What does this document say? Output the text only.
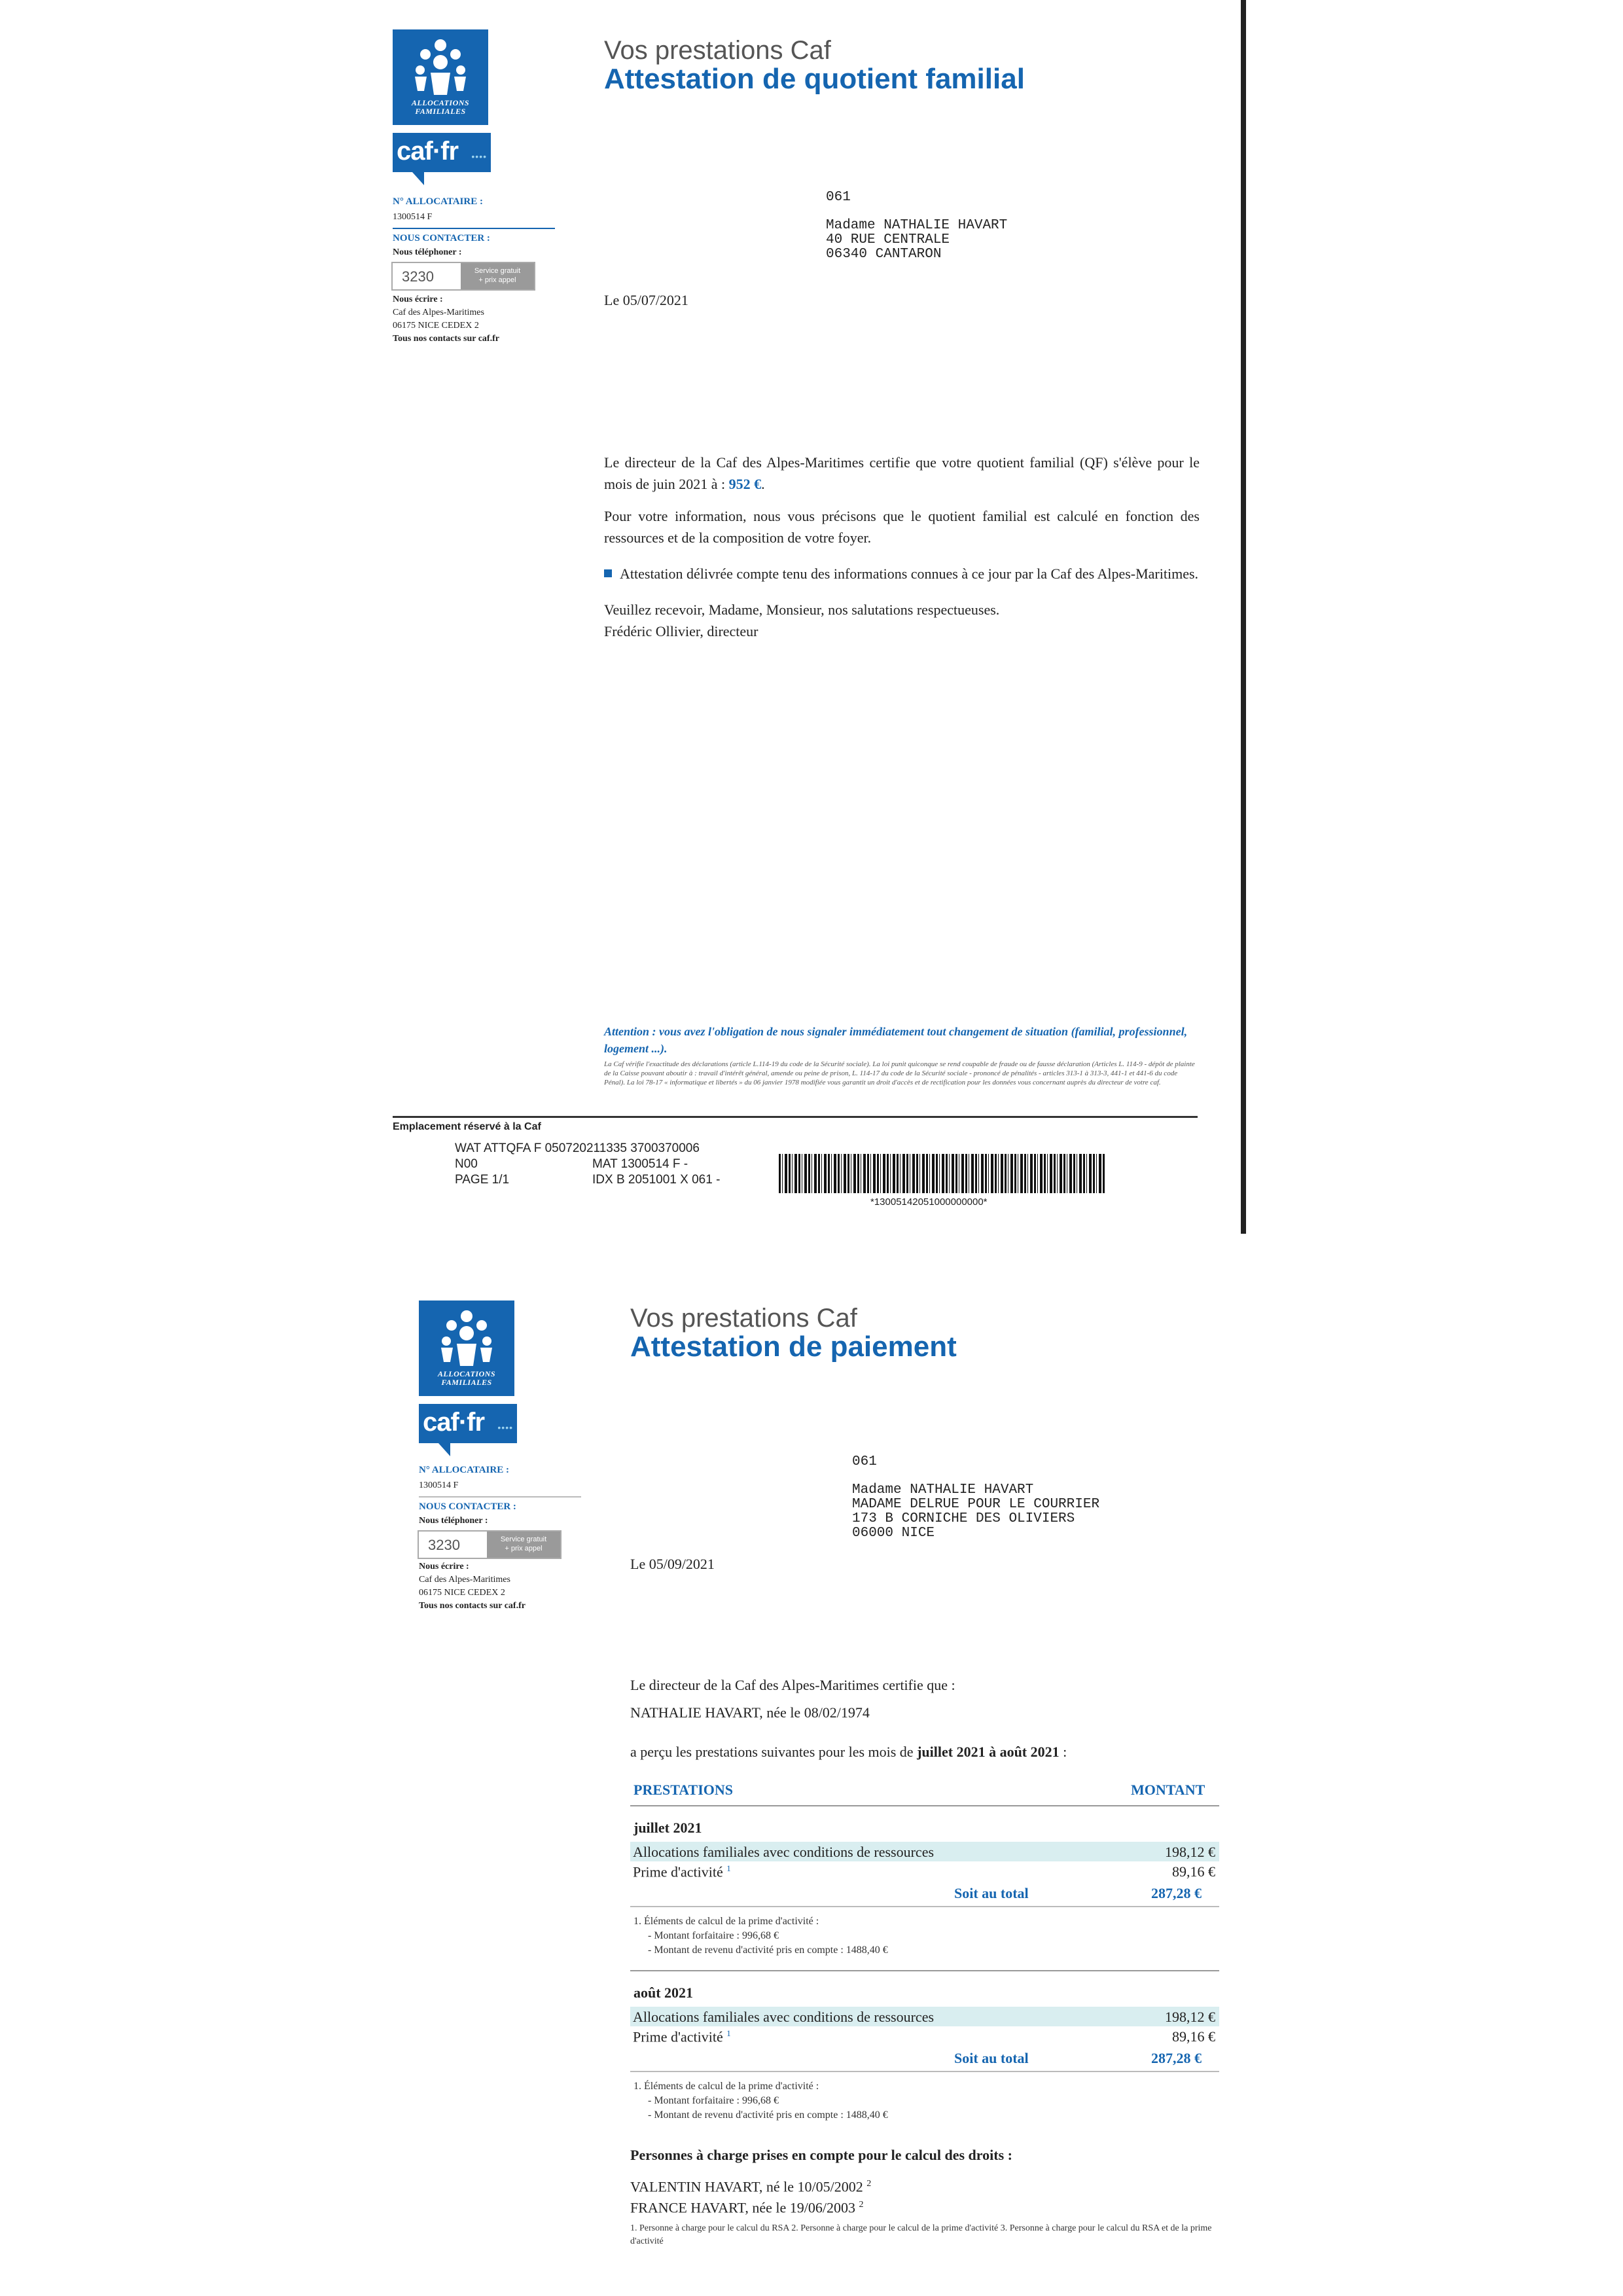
ALLOCATIONS
FAMILIALES
caf·fr ••••
Vos prestations Caf
Attestation de quotient familial
N° ALLOCATAIRE :
1300514 F
NOUS CONTACTER :
Nous téléphoner :
3230	Service gratuit
+ prix appel
Nous écrire :
Caf des Alpes-Maritimes
06175 NICE CEDEX 2
Tous nos contacts sur caf.fr
061
Madame NATHALIE HAVART
40 RUE CENTRALE
06340 CANTARON
Le 05/07/2021

Le directeur de la Caf des Alpes-Maritimes certifie que votre quotient familial (QF) s'élève pour le mois de juin 2021 à : 952 €.

Pour votre information, nous vous précisons que le quotient familial est calculé en fonction des ressources et de la composition de votre foyer.

Attestation délivrée compte tenu des informations connues à ce jour par la Caf des Alpes-Maritimes.

Veuillez recevoir, Madame, Monsieur, nos salutations respectueuses.

Frédéric Ollivier, directeur

Attention : vous avez l'obligation de nous signaler immédiatement tout changement de situation (familial, professionnel, logement ...).
La Caf vérifie l'exactitude des déclarations (article L.114-19 du code de la Sécurité sociale). La loi punit quiconque se rend coupable de fraude ou de fausse déclaration (Articles L. 114-9 - dépôt de plainte de la Caisse pouvant aboutir à : travail d'intérêt général, amende ou peine de prison, L. 114-17 du code de la Sécurité sociale - prononcé de pénalités - articles 313-1 à 313-3, 441-1 et 441-6 du code Pénal). La loi 78-17 « informatique et libertés » du 06 janvier 1978 modifiée vous garantit un droit d'accès et de rectification pour les données vous concernant auprès du directeur de votre caf.
Emplacement réservé à la Caf
WAT ATTQFA F 050720211335 3700370006
N00	MAT 1300514 F -
PAGE 1/1	IDX B 2051001 X 061 -
*13005142051000000000*
ALLOCATIONS
FAMILIALES
caf·fr ••••
Vos prestations Caf
Attestation de paiement
N° ALLOCATAIRE :
1300514 F
NOUS CONTACTER :
Nous téléphoner :
3230	Service gratuit
+ prix appel
Nous écrire :
Caf des Alpes-Maritimes
06175 NICE CEDEX 2
Tous nos contacts sur caf.fr
061
Madame NATHALIE HAVART
MADAME DELRUE POUR LE COURRIER
173 B CORNICHE DES OLIVIERS
06000 NICE
Le 05/09/2021
Le directeur de la Caf des Alpes-Maritimes certifie que :
NATHALIE HAVART, née le 08/02/1974
a perçu les prestations suivantes pour les mois de juillet 2021 à août 2021 :
PRESTATIONS	MONTANT
juillet 2021
Allocations familiales avec conditions de ressources	198,12 €
Prime d'activité $^1$	89,16 €
Soit au total	287,28 €
1. Éléments de calcul de la prime d'activité :
- Montant forfaitaire : 996,68 €
- Montant de revenu d'activité pris en compte : 1488,40 €
août 2021
Allocations familiales avec conditions de ressources	198,12 €
Prime d'activité $^1$	89,16 €
Soit au total	287,28 €
1. Éléments de calcul de la prime d'activité :
- Montant forfaitaire : 996,68 €
- Montant de revenu d'activité pris en compte : 1488,40 €
Personnes à charge prises en compte pour le calcul des droits :
VALENTIN HAVART, né le 10/05/2002 $^2$
FRANCE HAVART, née le 19/06/2003 $^2$
1. Personne à charge pour le calcul du RSA 2. Personne à charge pour le calcul de la prime d'activité 3. Personne à charge pour le calcul du RSA et de la prime d'activité
